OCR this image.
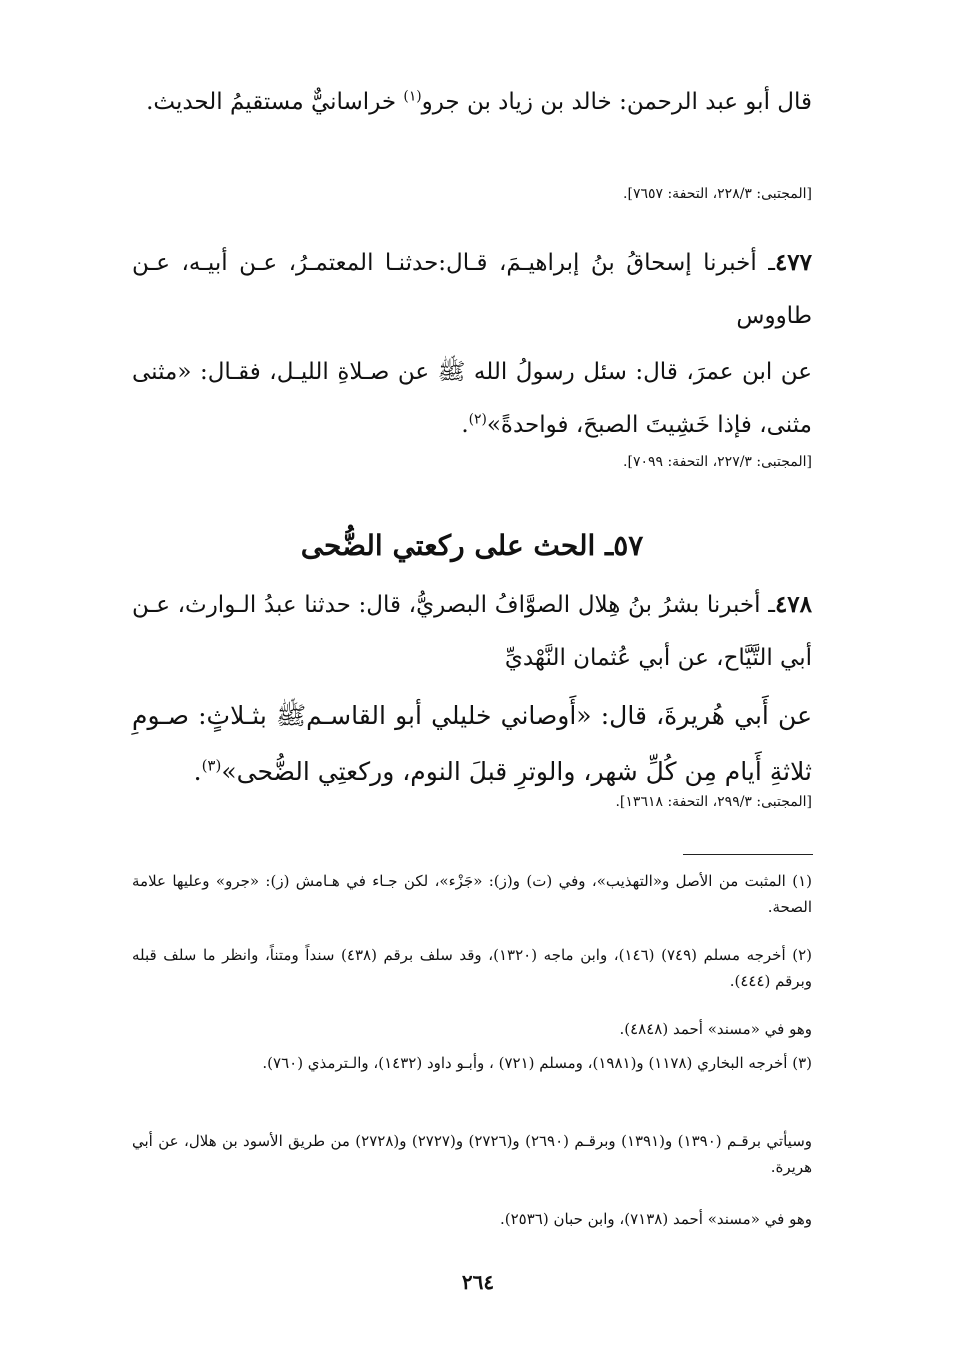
قال أبو عبد الرحمن: خالد بن زياد بن جرو$^{(١)}$ خراسانيٌّ مستقيمُ الحديث.
[المجتبى: ٢٢٨/٣، التحفة: ٧٦٥٧].
٤٧٧ـ أخبرنا إسحاقُ بنُ إبراهيـمَ، قـال:حدثنـا المعتمـرُ، عـن أبيـه، عـن طاووس
عن ابن عمرَ، قال: سئل رسولُ الله ﷺ عن صـلاةِ الليـل، فقـال: «مثنى مثنى، فإذا خَشِيتَ الصبحَ، فواحدةً»$^{(٢)}$.
[المجتبى: ٢٢٧/٣، التحفة: ٧٠٩٩].
٥٧ـ الحث على ركعتي الضُّحى
٤٧٨ـ أخبرنا بشرُ بنُ هِلال الصوَّافُ البصريُّ، قال: حدثنا عبدُ الـوارث، عـن أبي التَّيَّاح، عن أبي عُثمان النَّهْديِّ
عن أَبي هُريرةَ، قال: «أَوصاني خليلي أبو القاسـمﷺ بثـلاثٍ: صـومِ ثلاثةِ أَيام مِن كُلِّ شهر، والوترِ قبلَ النوم، وركعتِي الضُّحى»$^{(٣)}$.
[المجتبى: ٢٩٩/٣، التحفة: ١٣٦١٨].
(١) المثبت من الأصل و«التهذيب»، وفي (ت) و(ز): «جَزْء»، لكن جـاء في هـامش (ز): «جرو» وعليها علامة الصحة.
(٢) أخرجه مسلم (٧٤٩) (١٤٦)، وابن ماجه (١٣٢٠)، وقد سلف برقم (٤٣٨) سنداً ومتناً، وانظر ما سلف قبله وبرقم (٤٤٤).
وهو في «مسند» أحمد (٤٨٤٨).
(٣) أخرجه البخاري (١١٧٨) و(١٩٨١)، ومسلم (٧٢١) ، وأبـو داود (١٤٣٢)، والـترمذي (٧٦٠).
وسيأتي برقـم (١٣٩٠) و(١٣٩١) وبرقـم (٢٦٩٠) و(٢٧٢٦) و(٢٧٢٧) و(٢٧٢٨) من طريق الأسود بن هلال، عن أبي هريرة.
وهو في «مسند» أحمد (٧١٣٨)، وابن حبان (٢٥٣٦).
٢٦٤
